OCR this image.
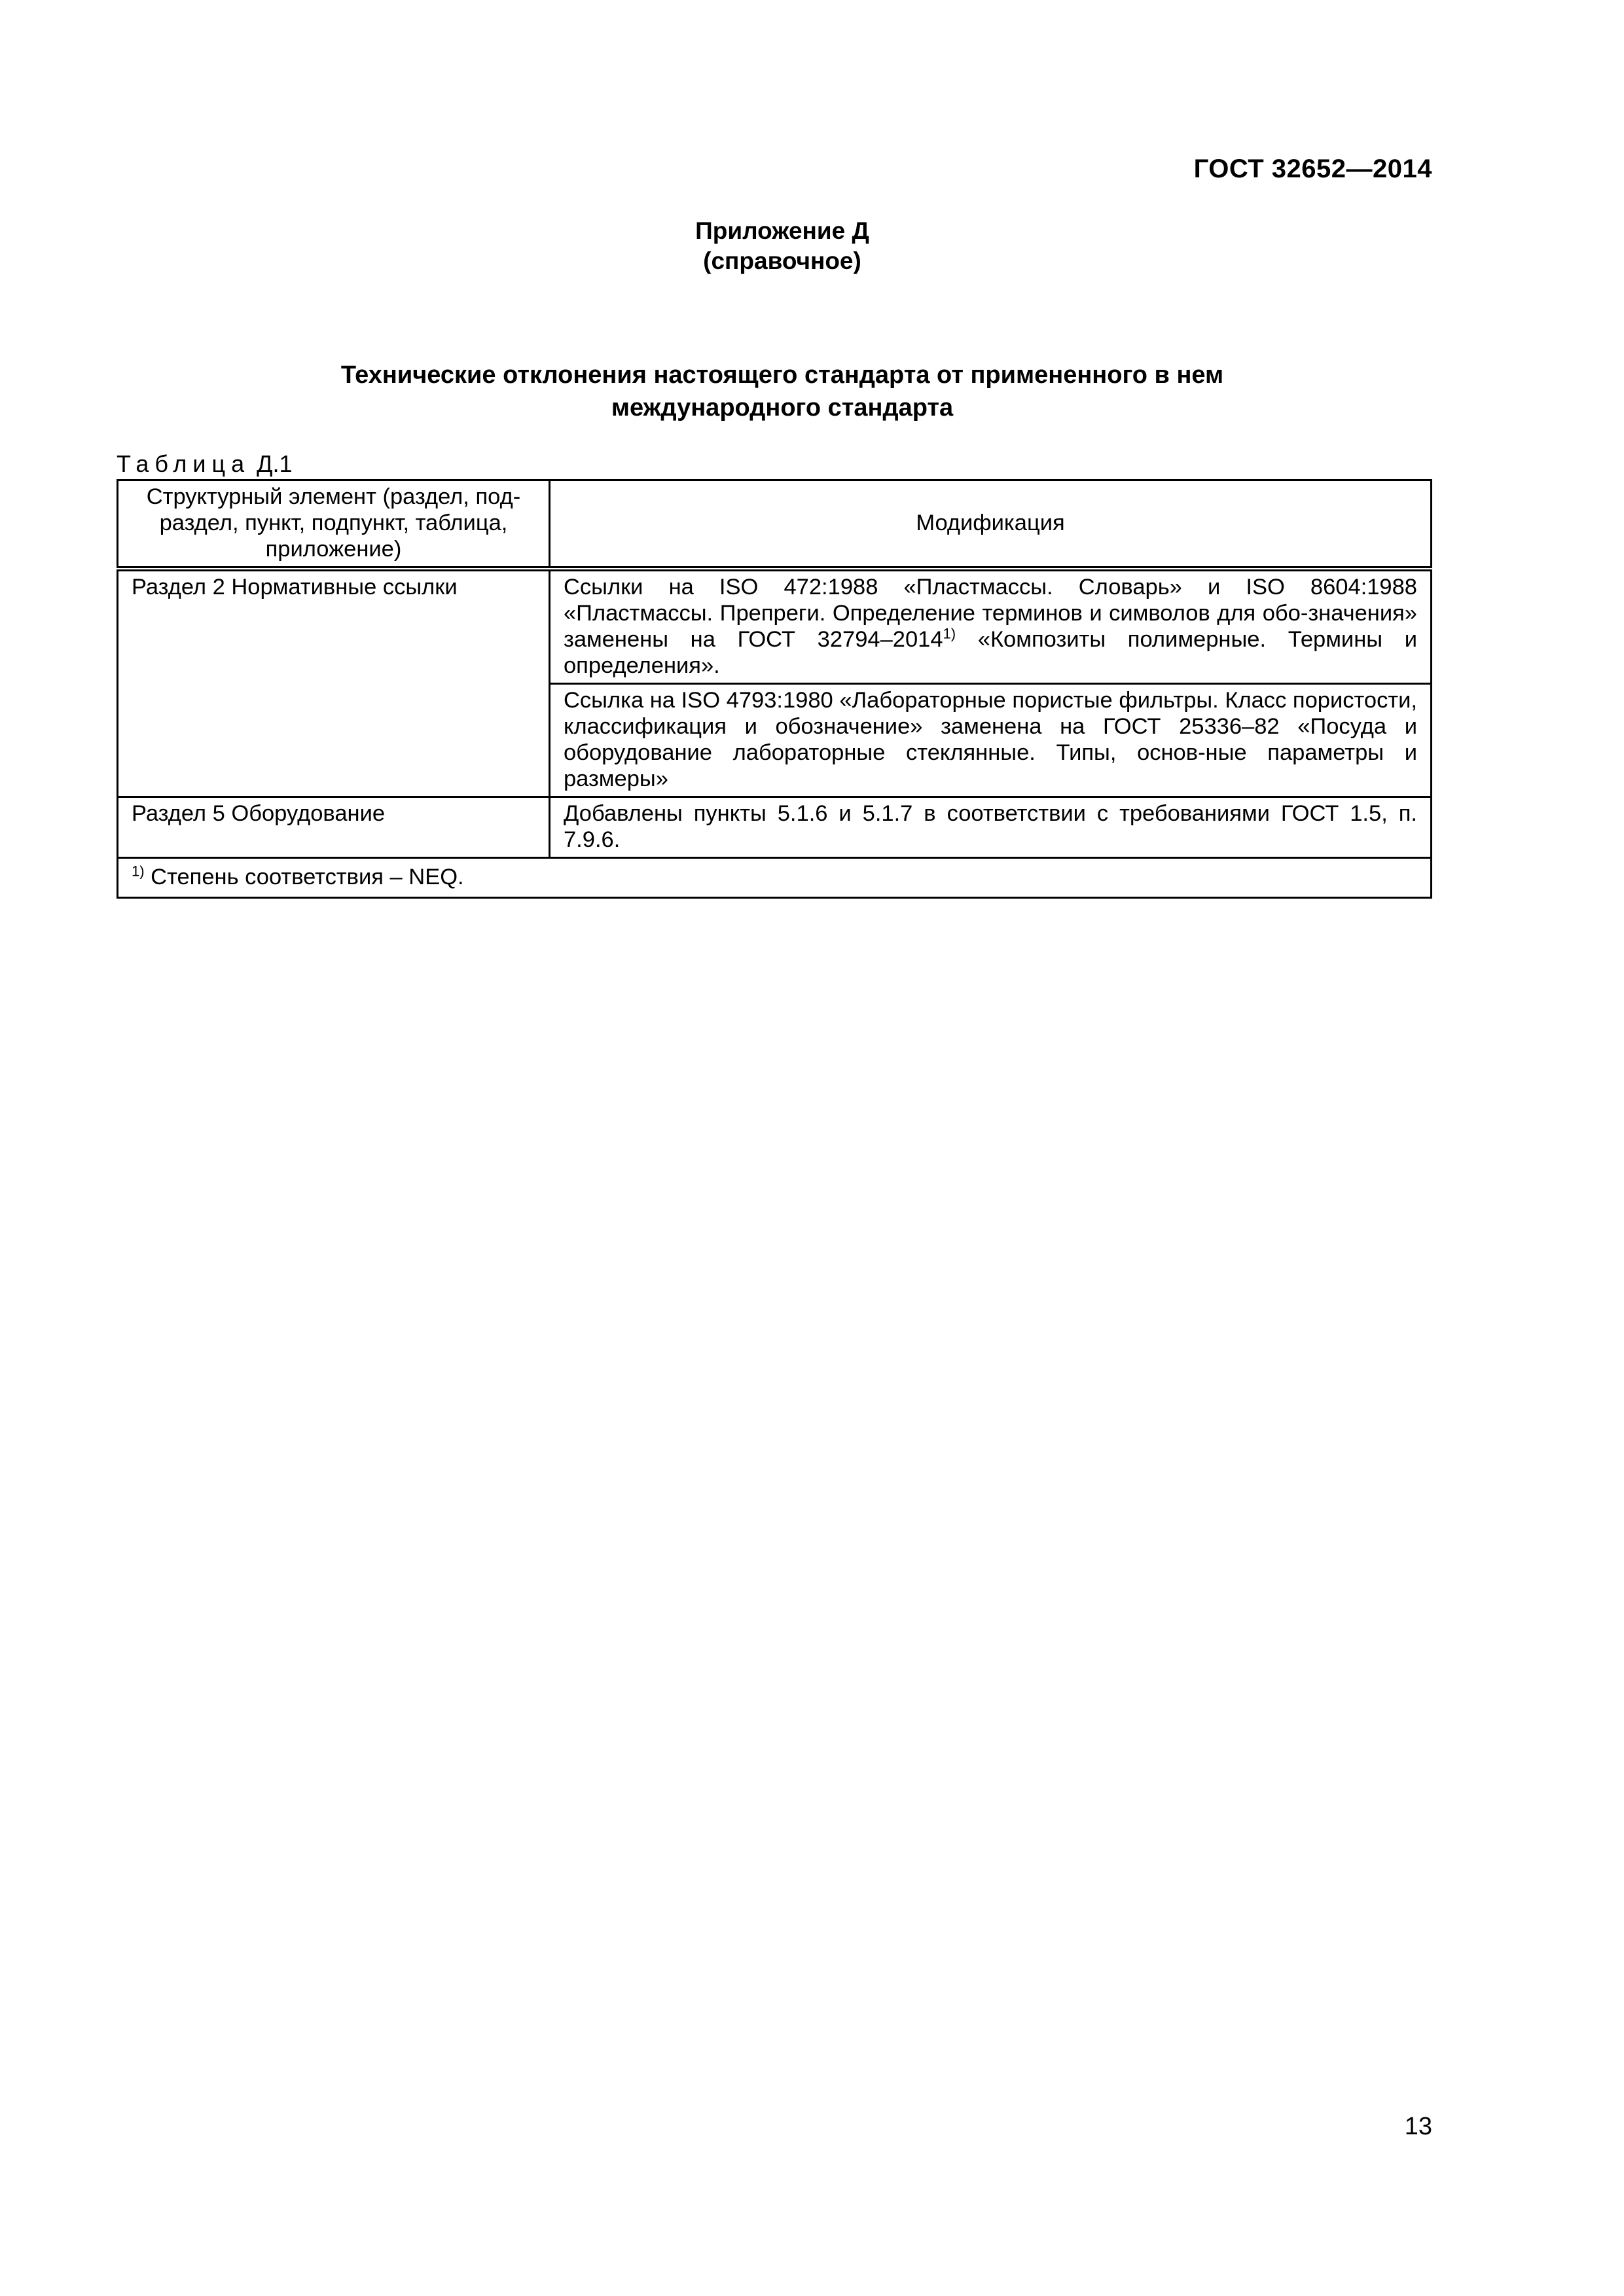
ГОСТ 32652—2014
Приложение Д
(справочное)
Технические отклонения настоящего стандарта от примененного в нем
международного стандарта
Таблица Д.1
Структурный элемент (раздел, под-раздел, пункт, подпункт, таблица, приложение)	Модификация
Раздел 2 Нормативные ссылки	Ссылки на ISO 472:1988 «Пластмассы. Словарь» и ISO 8604:1988 «Пластмассы. Препреги. Определение терминов и символов для обо-значения» заменены на ГОСТ 32794–2014$^{1)}$ «Композиты полимерные. Термины и определения».
	Ссылка на ISO 4793:1980 «Лабораторные пористые фильтры. Класс пористости, классификация и обозначение» заменена на ГОСТ 25336–82 «Посуда и оборудование лабораторные стеклянные. Типы, основ-ные параметры и размеры»
Раздел 5 Оборудование	Добавлены пункты 5.1.6 и 5.1.7 в соответствии с требованиями ГОСТ 1.5, п. 7.9.6.
$^{1)}$ Степень соответствия – NEQ.	
13
